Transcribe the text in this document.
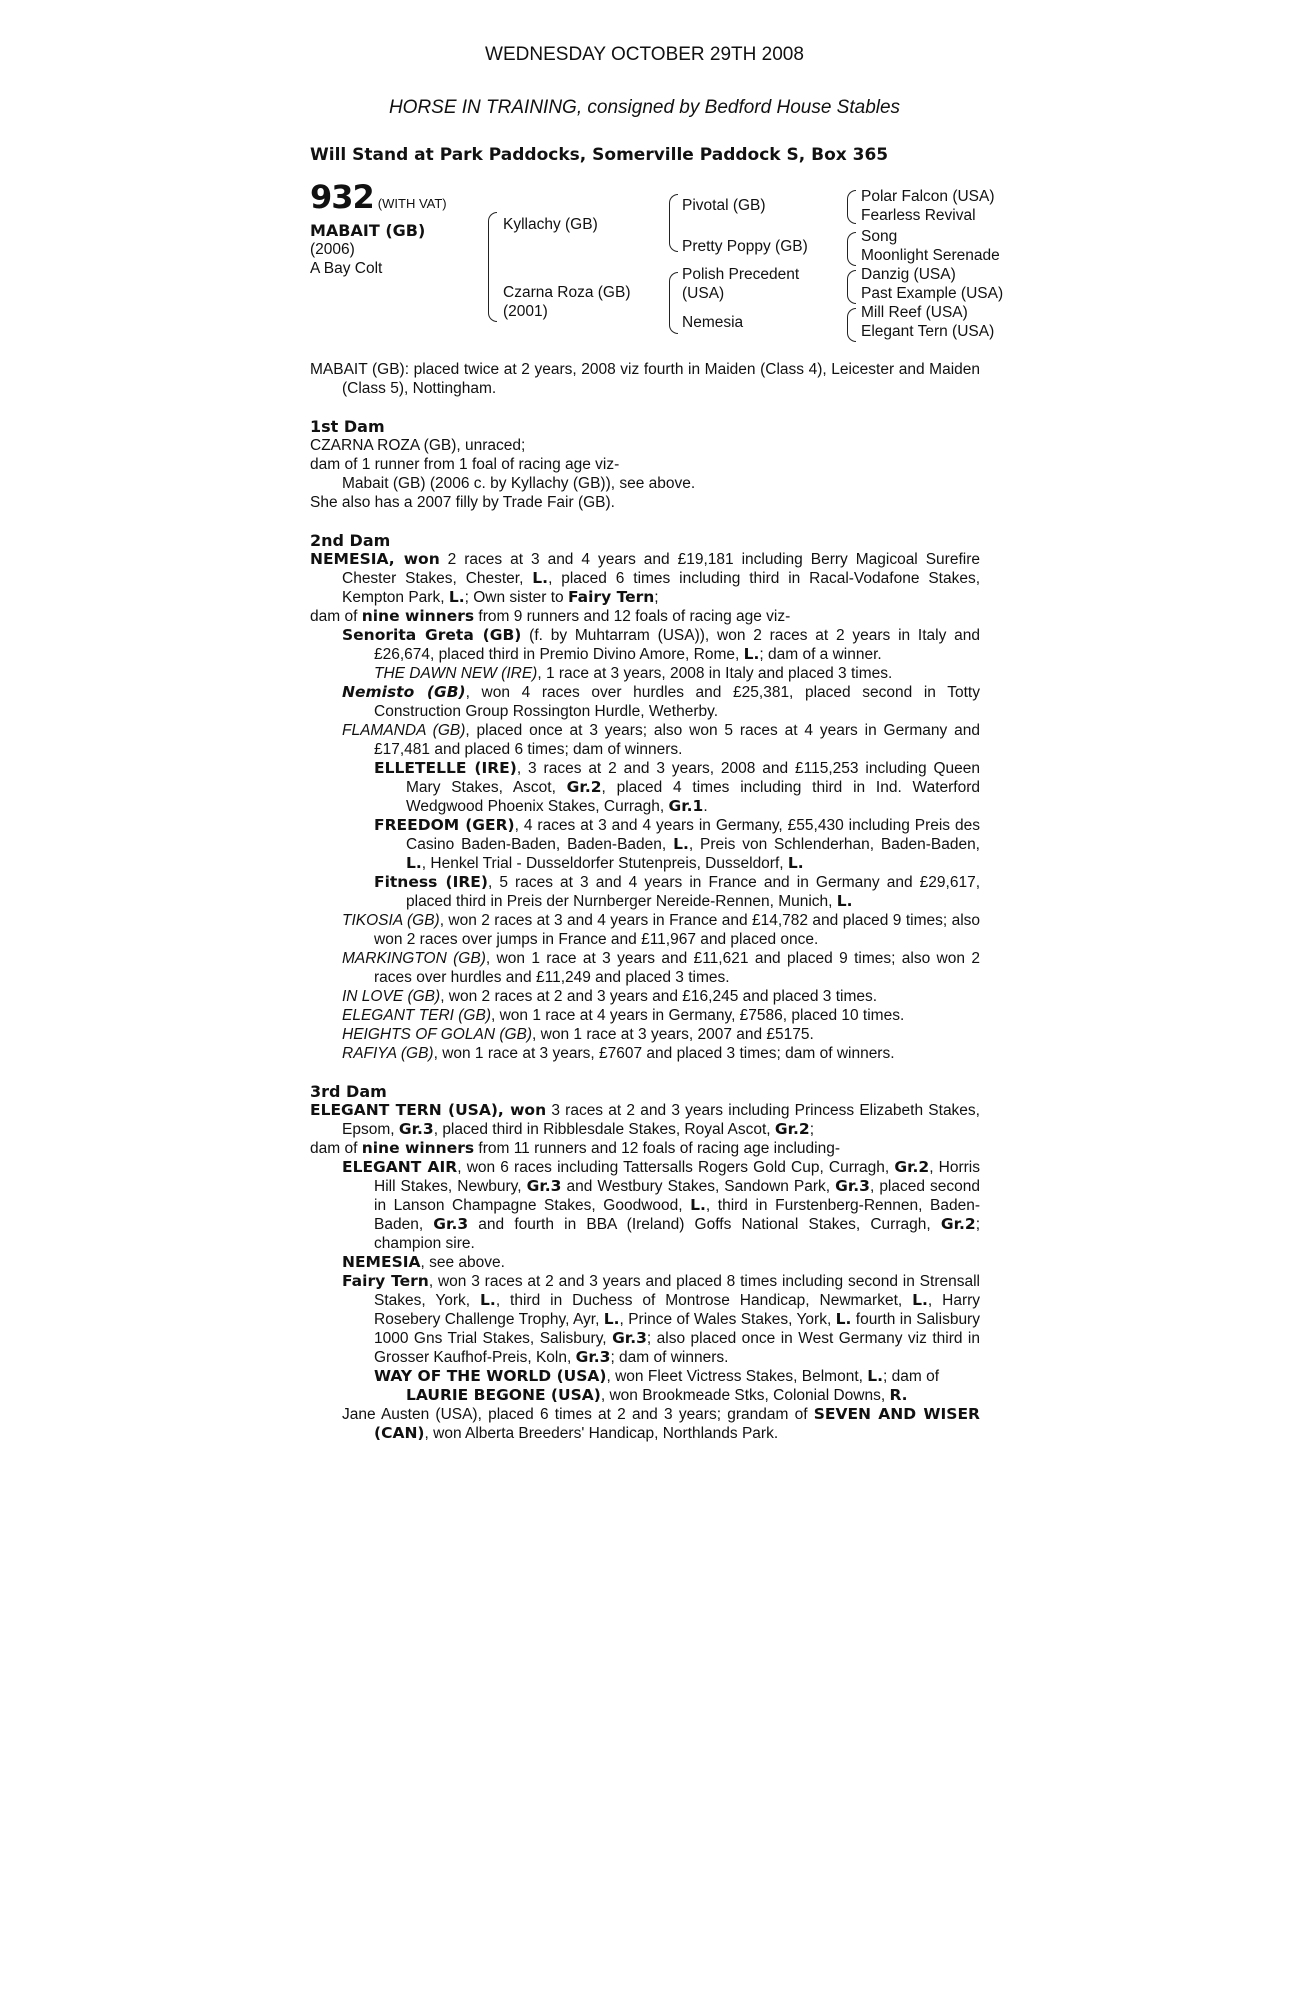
WEDNESDAY OCTOBER 29TH 2008
HORSE IN TRAINING, consigned by Bedford House Stables
Will Stand at Park Paddocks, Somerville Paddock S, Box 365
932 (WITH VAT)
MABAIT (GB)
(2006)
A Bay Colt
Kyllachy (GB)
Czarna Roza (GB)
(2001)
Pivotal (GB)
Pretty Poppy (GB)
Polish Precedent
(USA)
Nemesia
Polar Falcon (USA)
Fearless Revival
Song
Moonlight Serenade
Danzig (USA)
Past Example (USA)
Mill Reef (USA)
Elegant Tern (USA)

MABAIT (GB): placed twice at 2 years, 2008 viz fourth in Maiden (Class 4), Leicester and Maiden (Class 5), Nottingham.

1st Dam

CZARNA ROZA (GB), unraced;

dam of 1 runner from 1 foal of racing age viz-

Mabait (GB) (2006 c. by Kyllachy (GB)), see above.

She also has a 2007 filly by Trade Fair (GB).

2nd Dam

NEMESIA, won 2 races at 3 and 4 years and £19,181 including Berry Magicoal Surefire Chester Stakes, Chester, L., placed 6 times including third in Racal-Vodafone Stakes, Kempton Park, L.; Own sister to Fairy Tern;

dam of nine winners from 9 runners and 12 foals of racing age viz-

Senorita Greta (GB) (f. by Muhtarram (USA)), won 2 races at 2 years in Italy and £26,674, placed third in Premio Divino Amore, Rome, L.; dam of a winner.

THE DAWN NEW (IRE), 1 race at 3 years, 2008 in Italy and placed 3 times.

Nemisto (GB), won 4 races over hurdles and £25,381, placed second in Totty Construction Group Rossington Hurdle, Wetherby.

FLAMANDA (GB), placed once at 3 years; also won 5 races at 4 years in Germany and £17,481 and placed 6 times; dam of winners.

ELLETELLE (IRE), 3 races at 2 and 3 years, 2008 and £115,253 including Queen Mary Stakes, Ascot, Gr.2, placed 4 times including third in Ind. Waterford Wedgwood Phoenix Stakes, Curragh, Gr.1.

FREEDOM (GER), 4 races at 3 and 4 years in Germany, £55,430 including Preis des Casino Baden-Baden, Baden-Baden, L., Preis von Schlenderhan, Baden-Baden, L., Henkel Trial - Dusseldorfer Stutenpreis, Dusseldorf, L.

Fitness (IRE), 5 races at 3 and 4 years in France and in Germany and £29,617, placed third in Preis der Nurnberger Nereide-Rennen, Munich, L.

TIKOSIA (GB), won 2 races at 3 and 4 years in France and £14,782 and placed 9 times; also won 2 races over jumps in France and £11,967 and placed once.

MARKINGTON (GB), won 1 race at 3 years and £11,621 and placed 9 times; also won 2 races over hurdles and £11,249 and placed 3 times.

IN LOVE (GB), won 2 races at 2 and 3 years and £16,245 and placed 3 times.

ELEGANT TERI (GB), won 1 race at 4 years in Germany, £7586, placed 10 times.

HEIGHTS OF GOLAN (GB), won 1 race at 3 years, 2007 and £5175.

RAFIYA (GB), won 1 race at 3 years, £7607 and placed 3 times; dam of winners.

3rd Dam

ELEGANT TERN (USA), won 3 races at 2 and 3 years including Princess Elizabeth Stakes, Epsom, Gr.3, placed third in Ribblesdale Stakes, Royal Ascot, Gr.2;

dam of nine winners from 11 runners and 12 foals of racing age including-

ELEGANT AIR, won 6 races including Tattersalls Rogers Gold Cup, Curragh, Gr.2, Horris Hill Stakes, Newbury, Gr.3 and Westbury Stakes, Sandown Park, Gr.3, placed second in Lanson Champagne Stakes, Goodwood, L., third in Furstenberg-Rennen, Baden-Baden, Gr.3 and fourth in BBA (Ireland) Goffs National Stakes, Curragh, Gr.2; champion sire.

NEMESIA, see above.

Fairy Tern, won 3 races at 2 and 3 years and placed 8 times including second in Strensall Stakes, York, L., third in Duchess of Montrose Handicap, Newmarket, L., Harry Rosebery Challenge Trophy, Ayr, L., Prince of Wales Stakes, York, L. fourth in Salisbury 1000 Gns Trial Stakes, Salisbury, Gr.3; also placed once in West Germany viz third in Grosser Kaufhof-Preis, Koln, Gr.3; dam of winners.

WAY OF THE WORLD (USA), won Fleet Victress Stakes, Belmont, L.; dam of

LAURIE BEGONE (USA), won Brookmeade Stks, Colonial Downs, R.

Jane Austen (USA), placed 6 times at 2 and 3 years; grandam of SEVEN AND WISER (CAN), won Alberta Breeders' Handicap, Northlands Park.
